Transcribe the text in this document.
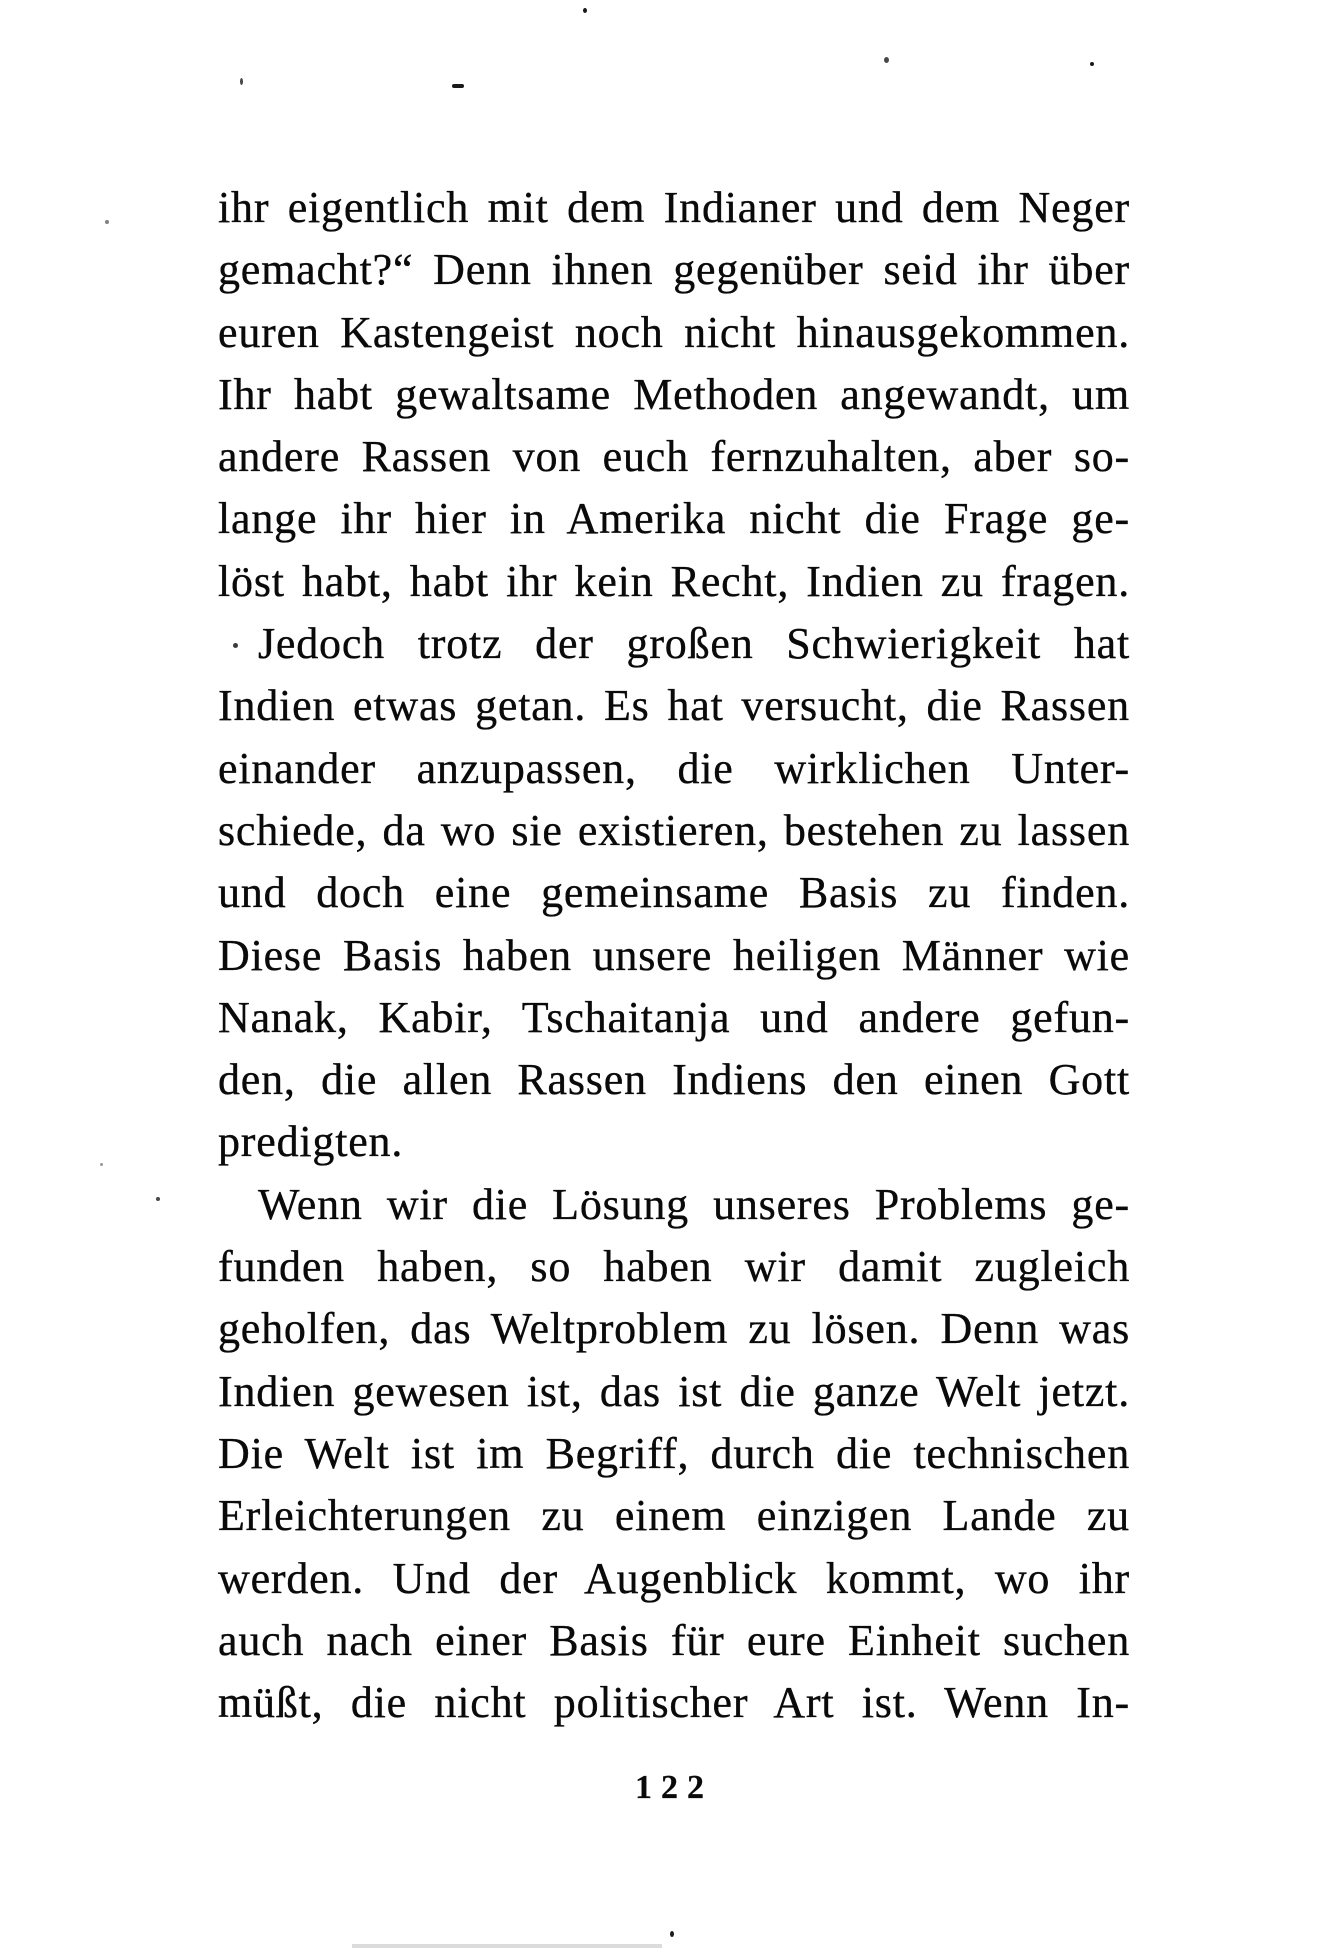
ihr eigentlich mit dem Indianer und dem Neger
gemacht?“ Denn ihnen gegenüber seid ihr über
euren Kastengeist noch nicht hinausgekommen.
Ihr habt gewaltsame Methoden angewandt, um
andere Rassen von euch fernzuhalten, aber so-
lange ihr hier in Amerika nicht die Frage ge-
löst habt, habt ihr kein Recht, Indien zu fragen.
Jedoch trotz der großen Schwierigkeit hat
Indien etwas getan. Es hat versucht, die Rassen
einander anzupassen, die wirklichen Unter-
schiede, da wo sie existieren, bestehen zu lassen
und doch eine gemeinsame Basis zu finden.
Diese Basis haben unsere heiligen Männer wie
Nanak, Kabir, Tschaitanja und andere gefun-
den, die allen Rassen Indiens den einen Gott
predigten.
Wenn wir die Lösung unseres Problems ge-
funden haben, so haben wir damit zugleich
geholfen, das Weltproblem zu lösen. Denn was
Indien gewesen ist, das ist die ganze Welt jetzt.
Die Welt ist im Begriff, durch die technischen
Erleichterungen zu einem einzigen Lande zu
werden. Und der Augenblick kommt, wo ihr
auch nach einer Basis für eure Einheit suchen
müßt, die nicht politischer Art ist. Wenn In-
122
